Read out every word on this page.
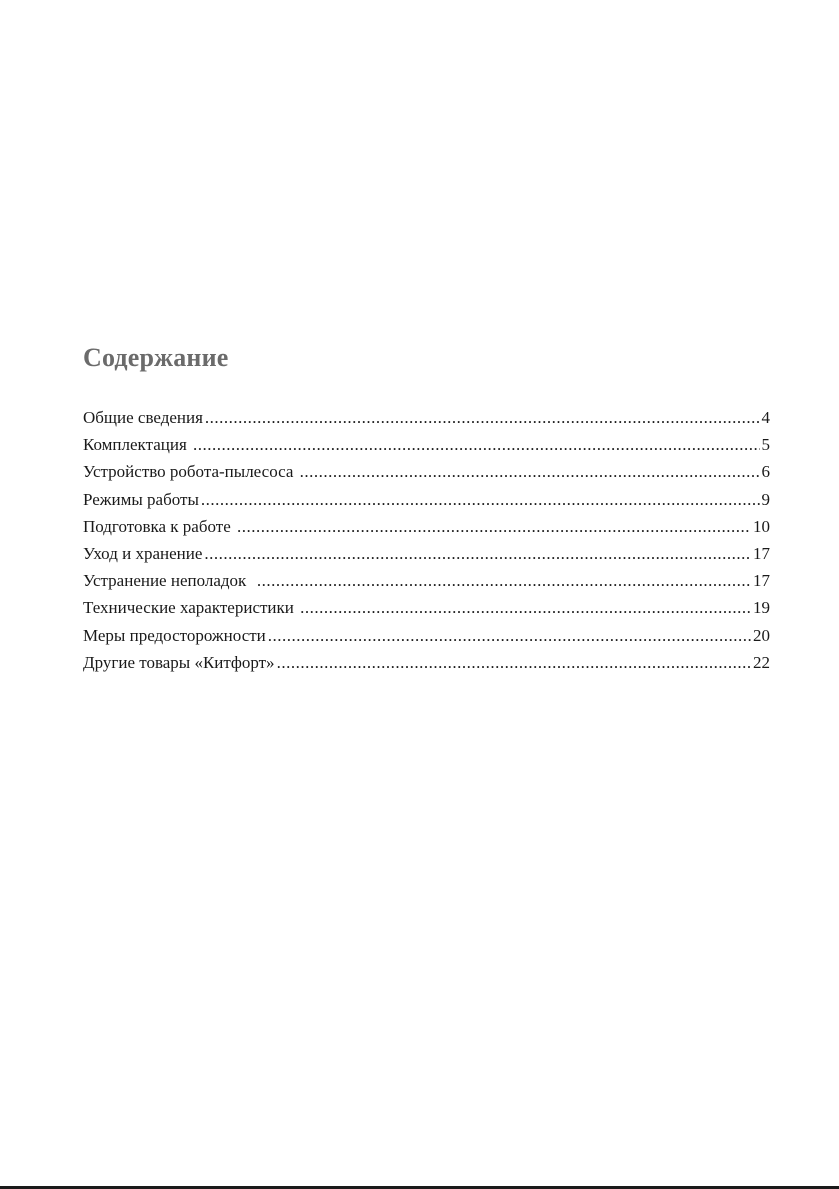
Содержание
Общие сведения .....	4
Комплектация .....	5
Устройство робота-пылесоса .....	6
Режимы работы .....	9
Подготовка к работе .....	10
Уход и хранение .....	17
Устранение неполадок .....	17
Технические характеристики .....	19
Меры предосторожности .....	20
Другие товары «Китфорт» .....	22
